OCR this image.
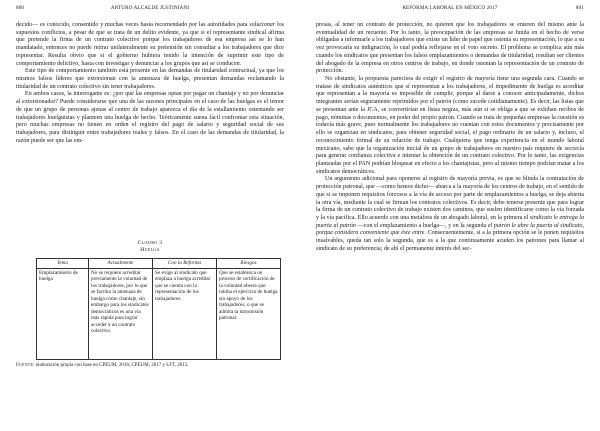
800	ARTURO ALCALDE JUSTINIANI

decido— es conocido, consentido y muchas veces hasta recomendado por las autoridades para solucionar los supuestos conflictos, a pesar de que se trata de un delito evidente, ya que si el representante sindical afirma que pretende la firma de un contrato colectivo porque los trabajadores de esa empresa así se lo han mandatado, entonces no puede retirar unilateralmente su pretensión sin consultar a los trabajadores que dice representar. Resulta obvio que si el gobierno hubiera tenido la intención de suprimir este tipo de comportamiento delictivo, hasta con investigar y denunciar a los grupos que así se conducen.

Este tipo de comportamiento también está presente en las demandas de titularidad contractual, ya que los mismos falsos líderes que extorsionan con la amenaza de huelga, presentan demandas reclamando la titularidad de un contrato colectivo sin tener trabajadores.

En ambos casos, la interrogante es: ¿por qué las empresas optan por pagar un chantaje y no por denunciar al extorsionador? Puede considerarse que una de las razones principales en el caso de las huelgas es el temor de que un grupo de personas ajenas al centro de trabajo aparezca el día de la estallamiento ostentando ser trabajadores huelguistas y planteen una huelga de hecho. Teóricamente suena fácil confrontar esta situación, pero muchas empresas no tienen en orden el registro del pago de salario y seguridad social de sus trabajadores, para distinguir entre trabajadores reales y falsos. En el caso de las demandas de titularidad, la razón puede ser que las em-

Cuadro 3
Huelga
Tema	Actualmente	Con la Reforma	Riesgos
Emplazamiento de huelga	No se requiere acreditar previamente la voluntad de los trabajadores, por lo que se facilita la amenaza de huelga como chantaje, sin embargo para los sindicatos democráticos es una vía más rápida para lograr acceder a un contrato colectivo.	Se exige al sindicato que emplaza a huelga acreditar que se cuenta con la representación de los trabajadores.	Que se establezca un proceso de certificación de la voluntad obrera que inhiba el ejercicio de huelga sin apoyo de los trabajadores, o que se admita la intromisión patronal.
Fuente: elaboración propia con base en CPEUM, 2016; CPEUM, 2017 y LFT, 2015.
REFORMA LABORAL EN MÉXICO 2017	801

presas, al tener un contrato de protección, no quieren que los trabajadores se enteren del mismo ante la eventualidad de un recuento. Por lo tanto, la preocupación de las empresas se funda en el hecho de verse obligadas a informarle a los trabajadores que existe un líder de papel que ostenta su representación, lo que a su vez provocaría su indignación, lo cual podría reflejarse en el voto secreto. El problema se complica aún más cuando los sindicatos que presentan los falsos emplazamientos o demandas de titularidad, resultan ser clientes del abogado de la empresa en otros centros de trabajo, en donde ostentan la representación de un contrato de protección.

No obstante, la propuesta pareciera de exigir el registro de mayoría tiene una segunda cara. Cuando se tratase de sindicatos auténticos que sí representan a los trabajadores, el impedimento de huelga es acreditar que representan a la mayoría es imposible de cumplir, porque al darse a conocer anticipadamente, dichos integrantes serían seguramente reprimidos por el patrón (como sucede cotidianamente). Es decir, las listas que se presentan ante la JCA, se convertirían en listas negras, más aún si se obliga a que se exhiban recibos de pago, nóminas o documentos, en poder del propio patrón. Cuando se trata de pequeñas empresas la cuestión es todavía más grave, pues normalmente los trabajadores no cuentan con estos documentos y precisamente por ello se organizan en sindicatos, para obtener seguridad social, el pago ordinario de un salario y, incluso, el reconocimiento formal de su relación de trabajo. Cualquiera que tenga experiencia en el mundo laboral mexicano, sabe que la organización inicial de un grupo de trabajadores en nuestro país requiere de secrecía para generar confianza colectiva e intentar la obtención de un contrato colectivo. Por lo tanto, las exigencias planteadas por el PAN podrían bloquear en efecto a los chantajistas, pero al mismo tiempo podrían matar a los sindicatos democráticos.

Un argumento adicional para oponerse al registro de mayoría previa, es que se blinda la contratación de protección patronal, que —como hemos dicho— abarca a la mayoría de los centros de trabajo, en el sentido de que si se imponen requisitos forzosos a la vía de acceso por parte de emplazamientos a huelga, se deja abierta la otra vía, mediante la cual se firman los contratos colectivos. Es decir, debe tenerse presente que para lograr la firma de un contrato colectivo de trabajo existen dos caminos, que suelen identificarse como la vía forzada y la vía pacífica. Ello acuerdo con una metáfora de un abogado laboral, en la primera el sindicato le entrega la puerta al patrón —con el emplazamiento a huelga—, y en la segunda el patrón le abre la puerta al sindicato, porque considera conveniente que éste entre. Consecuentemente, si a la primera opción se le ponen requisitos insalvables, queda tan solo la segunda, que es a la que continuamente acuden los patrones para llamar al sindicato de su preferencia; de ahí el permanente interés del sec-
